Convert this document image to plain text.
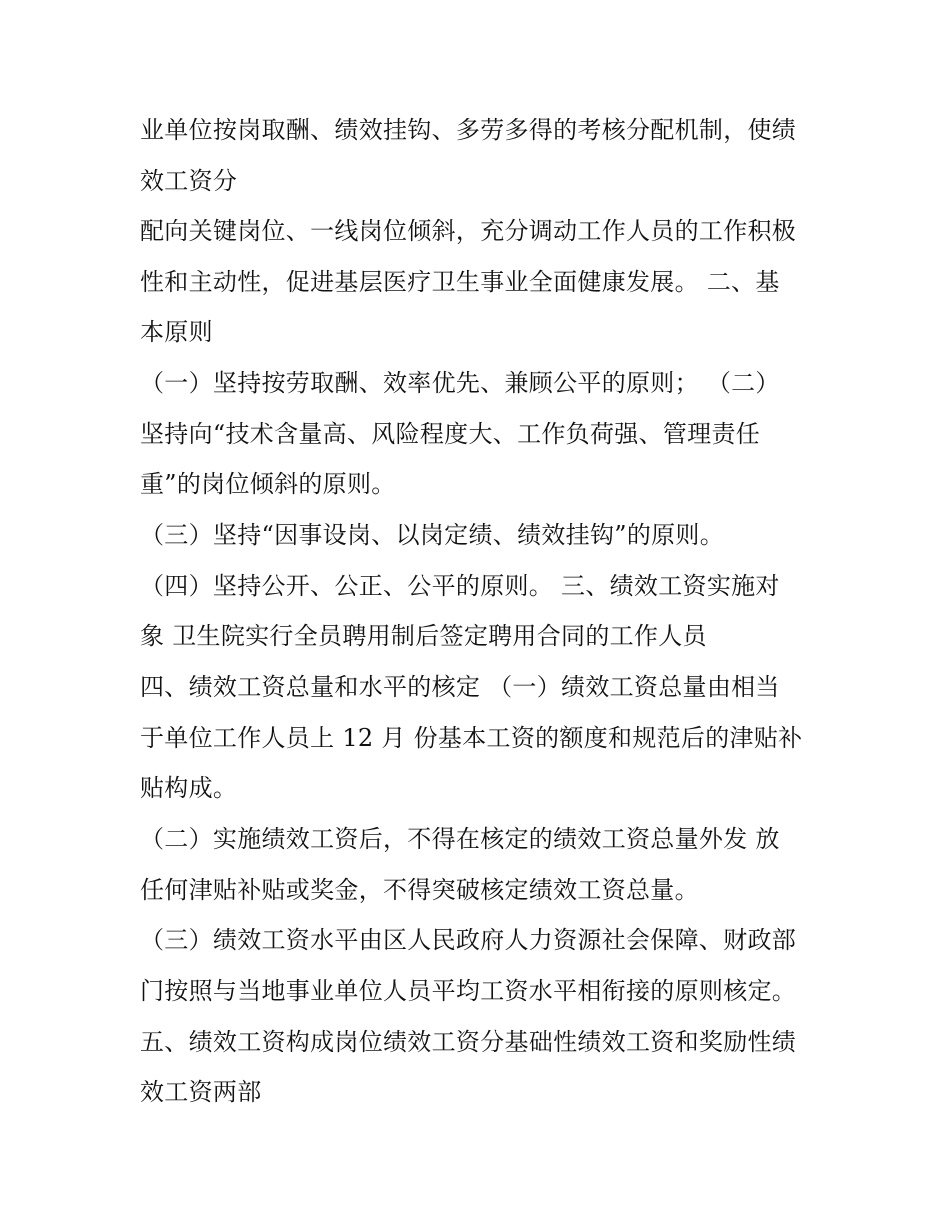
业单位按岗取酬、绩效挂钩、多劳多得的考核分配机制，使绩
效工资分
配向关键岗位、一线岗位倾斜，充分调动工作人员的工作积极
性和主动性，促进基层医疗卫生事业全面健康发展。 二、基
本原则
（一）坚持按劳取酬、效率优先、兼顾公平的原则； （二）
坚持向“技术含量高、风险程度大、工作负荷强、管理责任
重”的岗位倾斜的原则。
（三）坚持“因事设岗、以岗定绩、绩效挂钩”的原则。
（四）坚持公开、公正、公平的原则。 三、绩效工资实施对
象 卫生院实行全员聘用制后签定聘用合同的工作人员
四、绩效工资总量和水平的核定 （一）绩效工资总量由相当
于单位工作人员上 12 月 份基本工资的额度和规范后的津贴补
贴构成。
（二）实施绩效工资后，不得在核定的绩效工资总量外发 放
任何津贴补贴或奖金，不得突破核定绩效工资总量。
（三）绩效工资水平由区人民政府人力资源社会保障、财政部
门按照与当地事业单位人员平均工资水平相衔接的原则核定。
五、绩效工资构成岗位绩效工资分基础性绩效工资和奖励性绩
效工资两部
